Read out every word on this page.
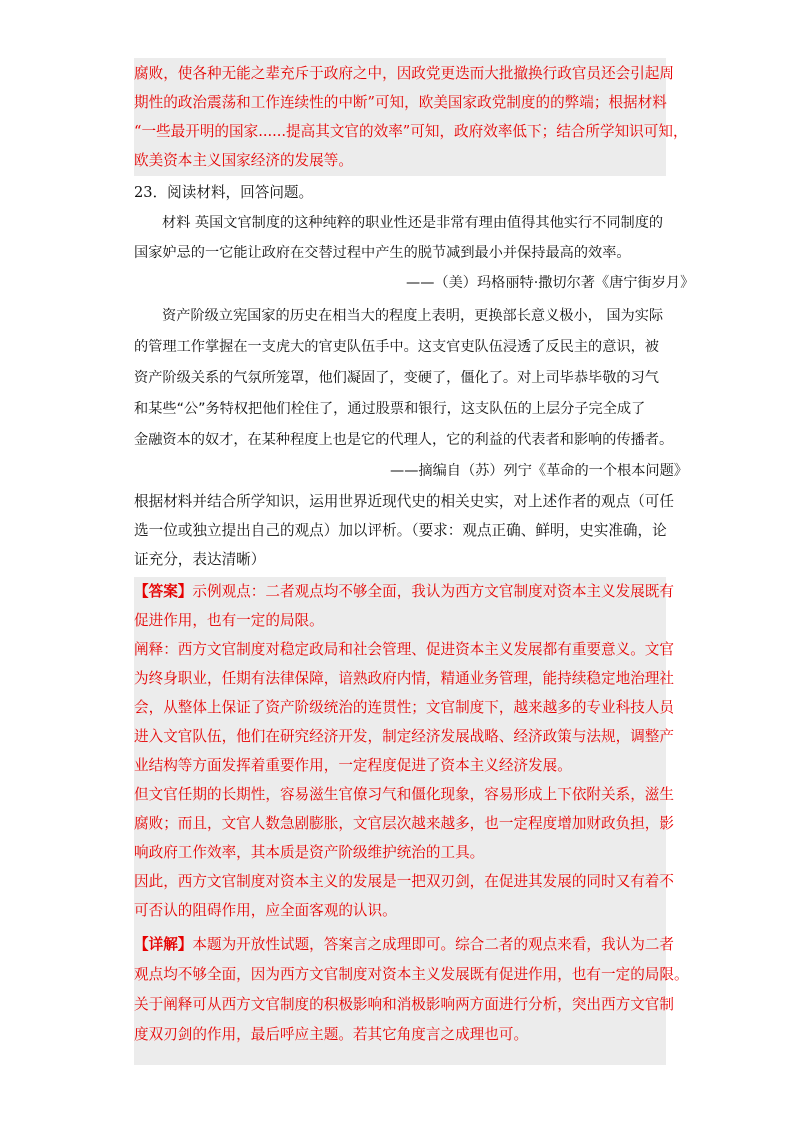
腐败，使各种无能之辈充斥于政府之中，因政党更迭而大批撤换行政官员还会引起周
期性的政治震荡和工作连续性的中断”可知，欧美国家政党制度的的弊端；根据材料
“一些最开明的国家......提高其文官的效率”可知，政府效率低下；结合所学知识可知，
欧美资本主义国家经济的发展等。
23．阅读材料，回答问题。
材料 英国文官制度的这种纯粹的职业性还是非常有理由值得其他实行不同制度的
国家妒忌的一它能让政府在交替过程中产生的脱节减到最小并保持最高的效率。
——（美）玛格丽特·撒切尔著《唐宁街岁月》
资产阶级立宪国家的历史在相当大的程度上表明，更换部长意义极小， 国为实际
的管理工作掌握在一支虎大的官吏队伍手中。这支官吏队伍浸透了反民主的意识，被
资产阶级关系的气氛所笼罩，他们凝固了，变硬了，僵化了。对上司毕恭毕敬的习气
和某些“公”务特权把他们栓住了，通过股票和银行，这支队伍的上层分子完全成了
金融资本的奴才，在某种程度上也是它的代理人，它的利益的代表者和影响的传播者。
——摘编自（苏）列宁《革命的一个根本问题》
根据材料并结合所学知识，运用世界近现代史的相关史实，对上述作者的观点（可任
选一位或独立提出自己的观点）加以评析。（要求：观点正确、鲜明，史实准确，论
证充分，表达清晰）
【答案】示例观点：二者观点均不够全面，我认为西方文官制度对资本主义发展既有
促进作用，也有一定的局限。
阐释：西方文官制度对稳定政局和社会管理、促进资本主义发展都有重要意义。文官
为终身职业，任期有法律保障，谙熟政府内情，精通业务管理，能持续稳定地治理社
会，从整体上保证了资产阶级统治的连贯性；文官制度下，越来越多的专业科技人员
进入文官队伍，他们在研究经济开发，制定经济发展战略、经济政策与法规，调整产
业结构等方面发挥着重要作用，一定程度促进了资本主义经济发展。
但文官任期的长期性，容易滋生官僚习气和僵化现象，容易形成上下依附关系，滋生
腐败；而且，文官人数急剧膨胀，文官层次越来越多，也一定程度增加财政负担，影
响政府工作效率，其本质是资产阶级维护统治的工具。
因此，西方文官制度对资本主义的发展是一把双刃剑，在促进其发展的同时又有着不
可否认的阻碍作用，应全面客观的认识。
【详解】本题为开放性试题，答案言之成理即可。综合二者的观点来看，我认为二者
观点均不够全面，因为西方文官制度对资本主义发展既有促进作用，也有一定的局限。
关于阐释可从西方文官制度的积极影响和消极影响两方面进行分析，突出西方文官制
度双刃剑的作用，最后呼应主题。若其它角度言之成理也可。
